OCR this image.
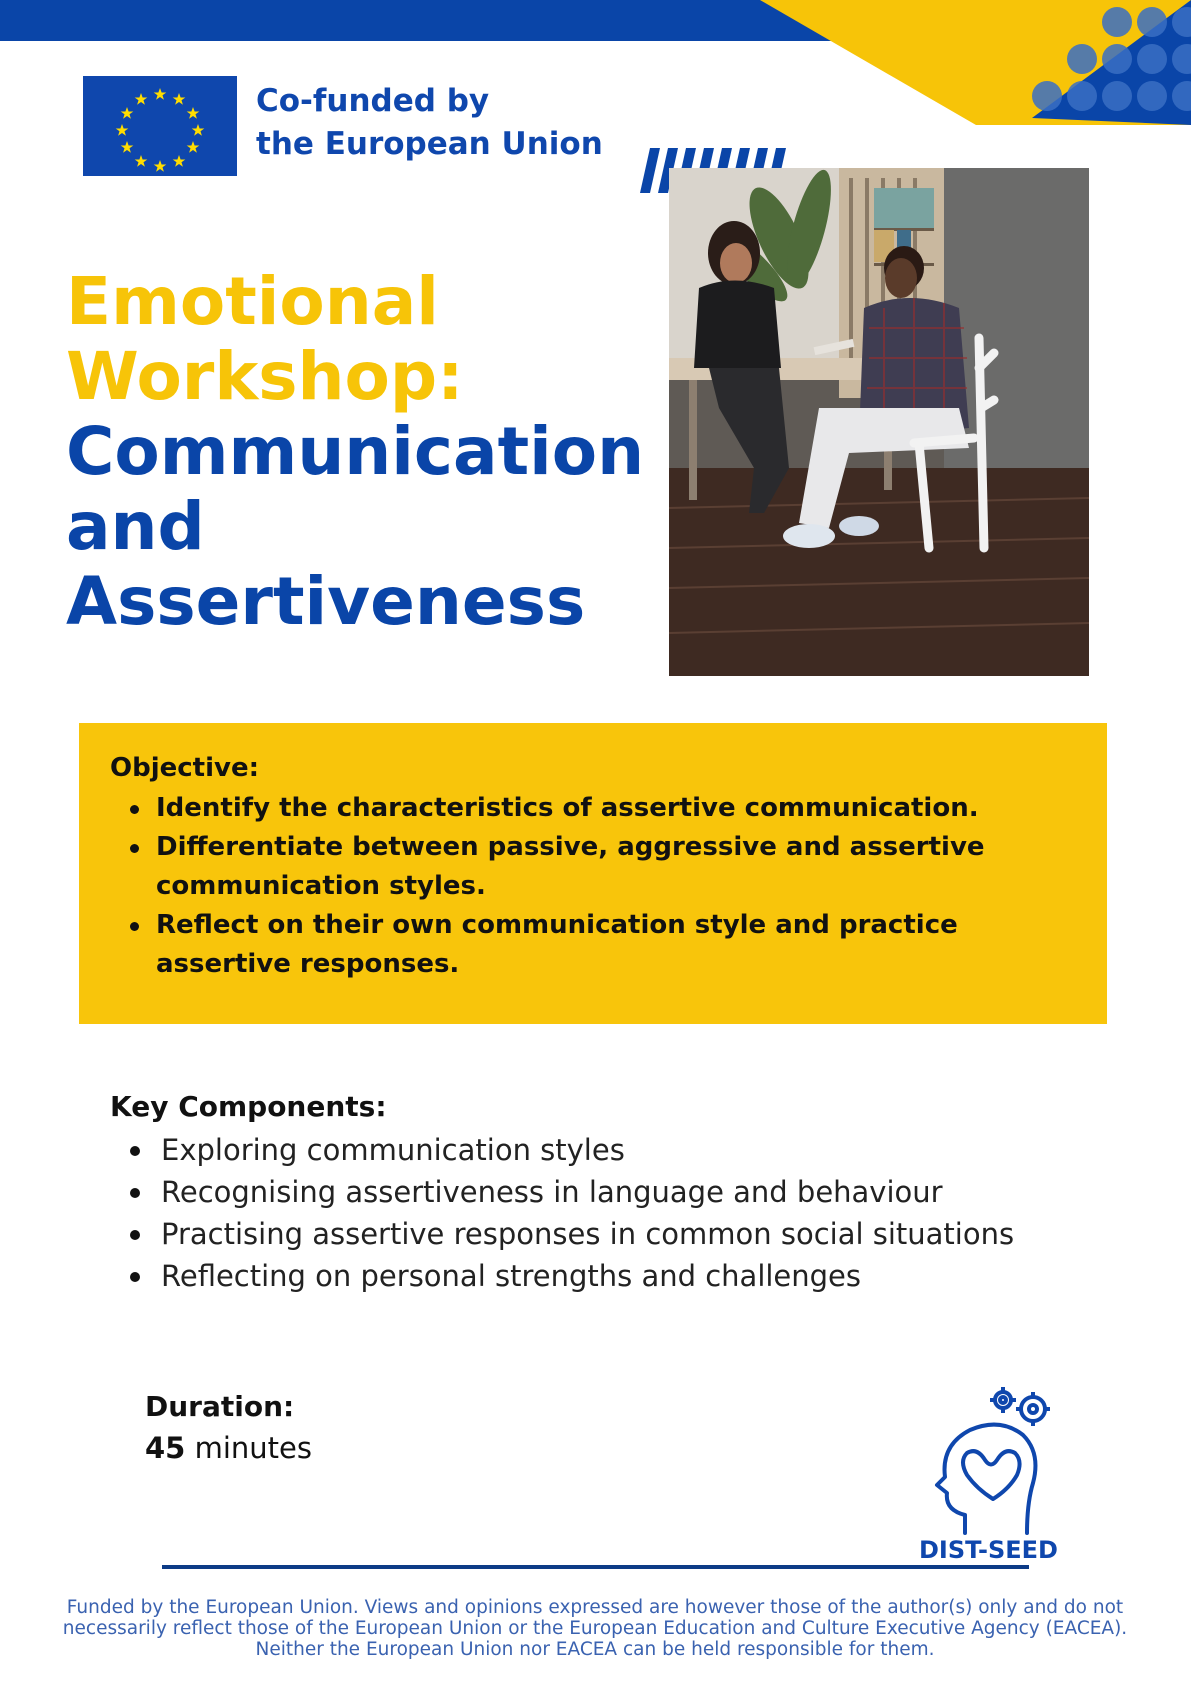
Co-funded by
the European Union
Emotional
Workshop:
Communication
and
Assertiveness
Objective:
Identify the characteristics of assertive communication.
Differentiate between passive, aggressive and assertive communication styles.
Reflect on their own communication style and practice assertive responses.
Key Components:
Exploring communication styles
Recognising assertiveness in language and behaviour
Practising assertive responses in common social situations
Reflecting on personal strengths and challenges
Duration:
45 minutes
DIST-SEED
Funded by the European Union. Views and opinions expressed are however those of the author(s) only and do not necessarily reflect those of the European Union or the European Education and Culture Executive Agency (EACEA). Neither the European Union nor EACEA can be held responsible for them.
